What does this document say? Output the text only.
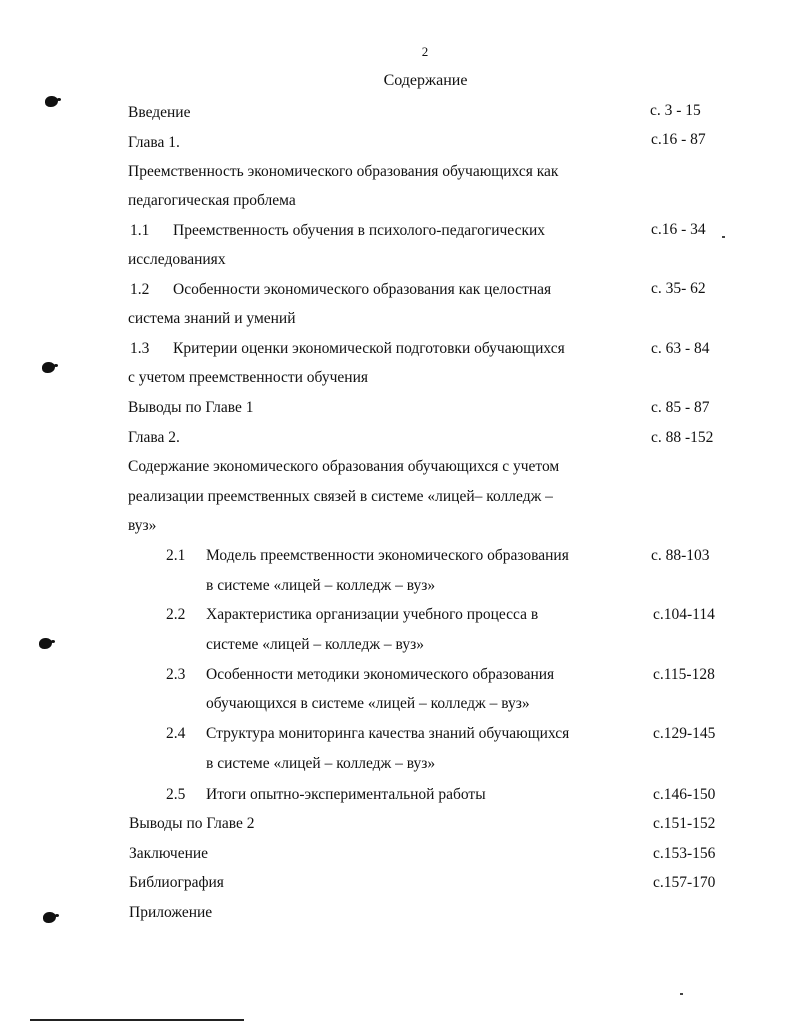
2
Содержание
Введение	с. 3 - 15
Глава 1.	с.16 - 87
Преемственность экономического образования обучающихся как
педагогическая проблема
1.1 Преемственность обучения в психолого-педагогических	с.16 - 34
исследованиях
1.2 Особенности экономического образования как целостная	с. 35- 62
система знаний и умений
1.3 Критерии оценки экономической подготовки обучающихся	с. 63 - 84
с учетом преемственности обучения
Выводы по Главе 1	с. 85 - 87
Глава 2.	с. 88 -152
Содержание экономического образования обучающихся с учетом
реализации преемственных связей в системе «лицей– колледж –
вуз»
2.1 Модель преемственности экономического образования	с. 88-103
в системе «лицей – колледж – вуз»
2.2 Характеристика организации учебного процесса в	с.104-114
системе «лицей – колледж – вуз»
2.3 Особенности методики экономического образования	с.115-128
обучающихся в системе «лицей – колледж – вуз»
2.4 Структура мониторинга качества знаний обучающихся	с.129-145
в системе «лицей – колледж – вуз»
2.5 Итоги опытно-экспериментальной работы	с.146-150
Выводы по Главе 2	с.151-152
Заключение	с.153-156
Библиография	с.157-170
Приложение
